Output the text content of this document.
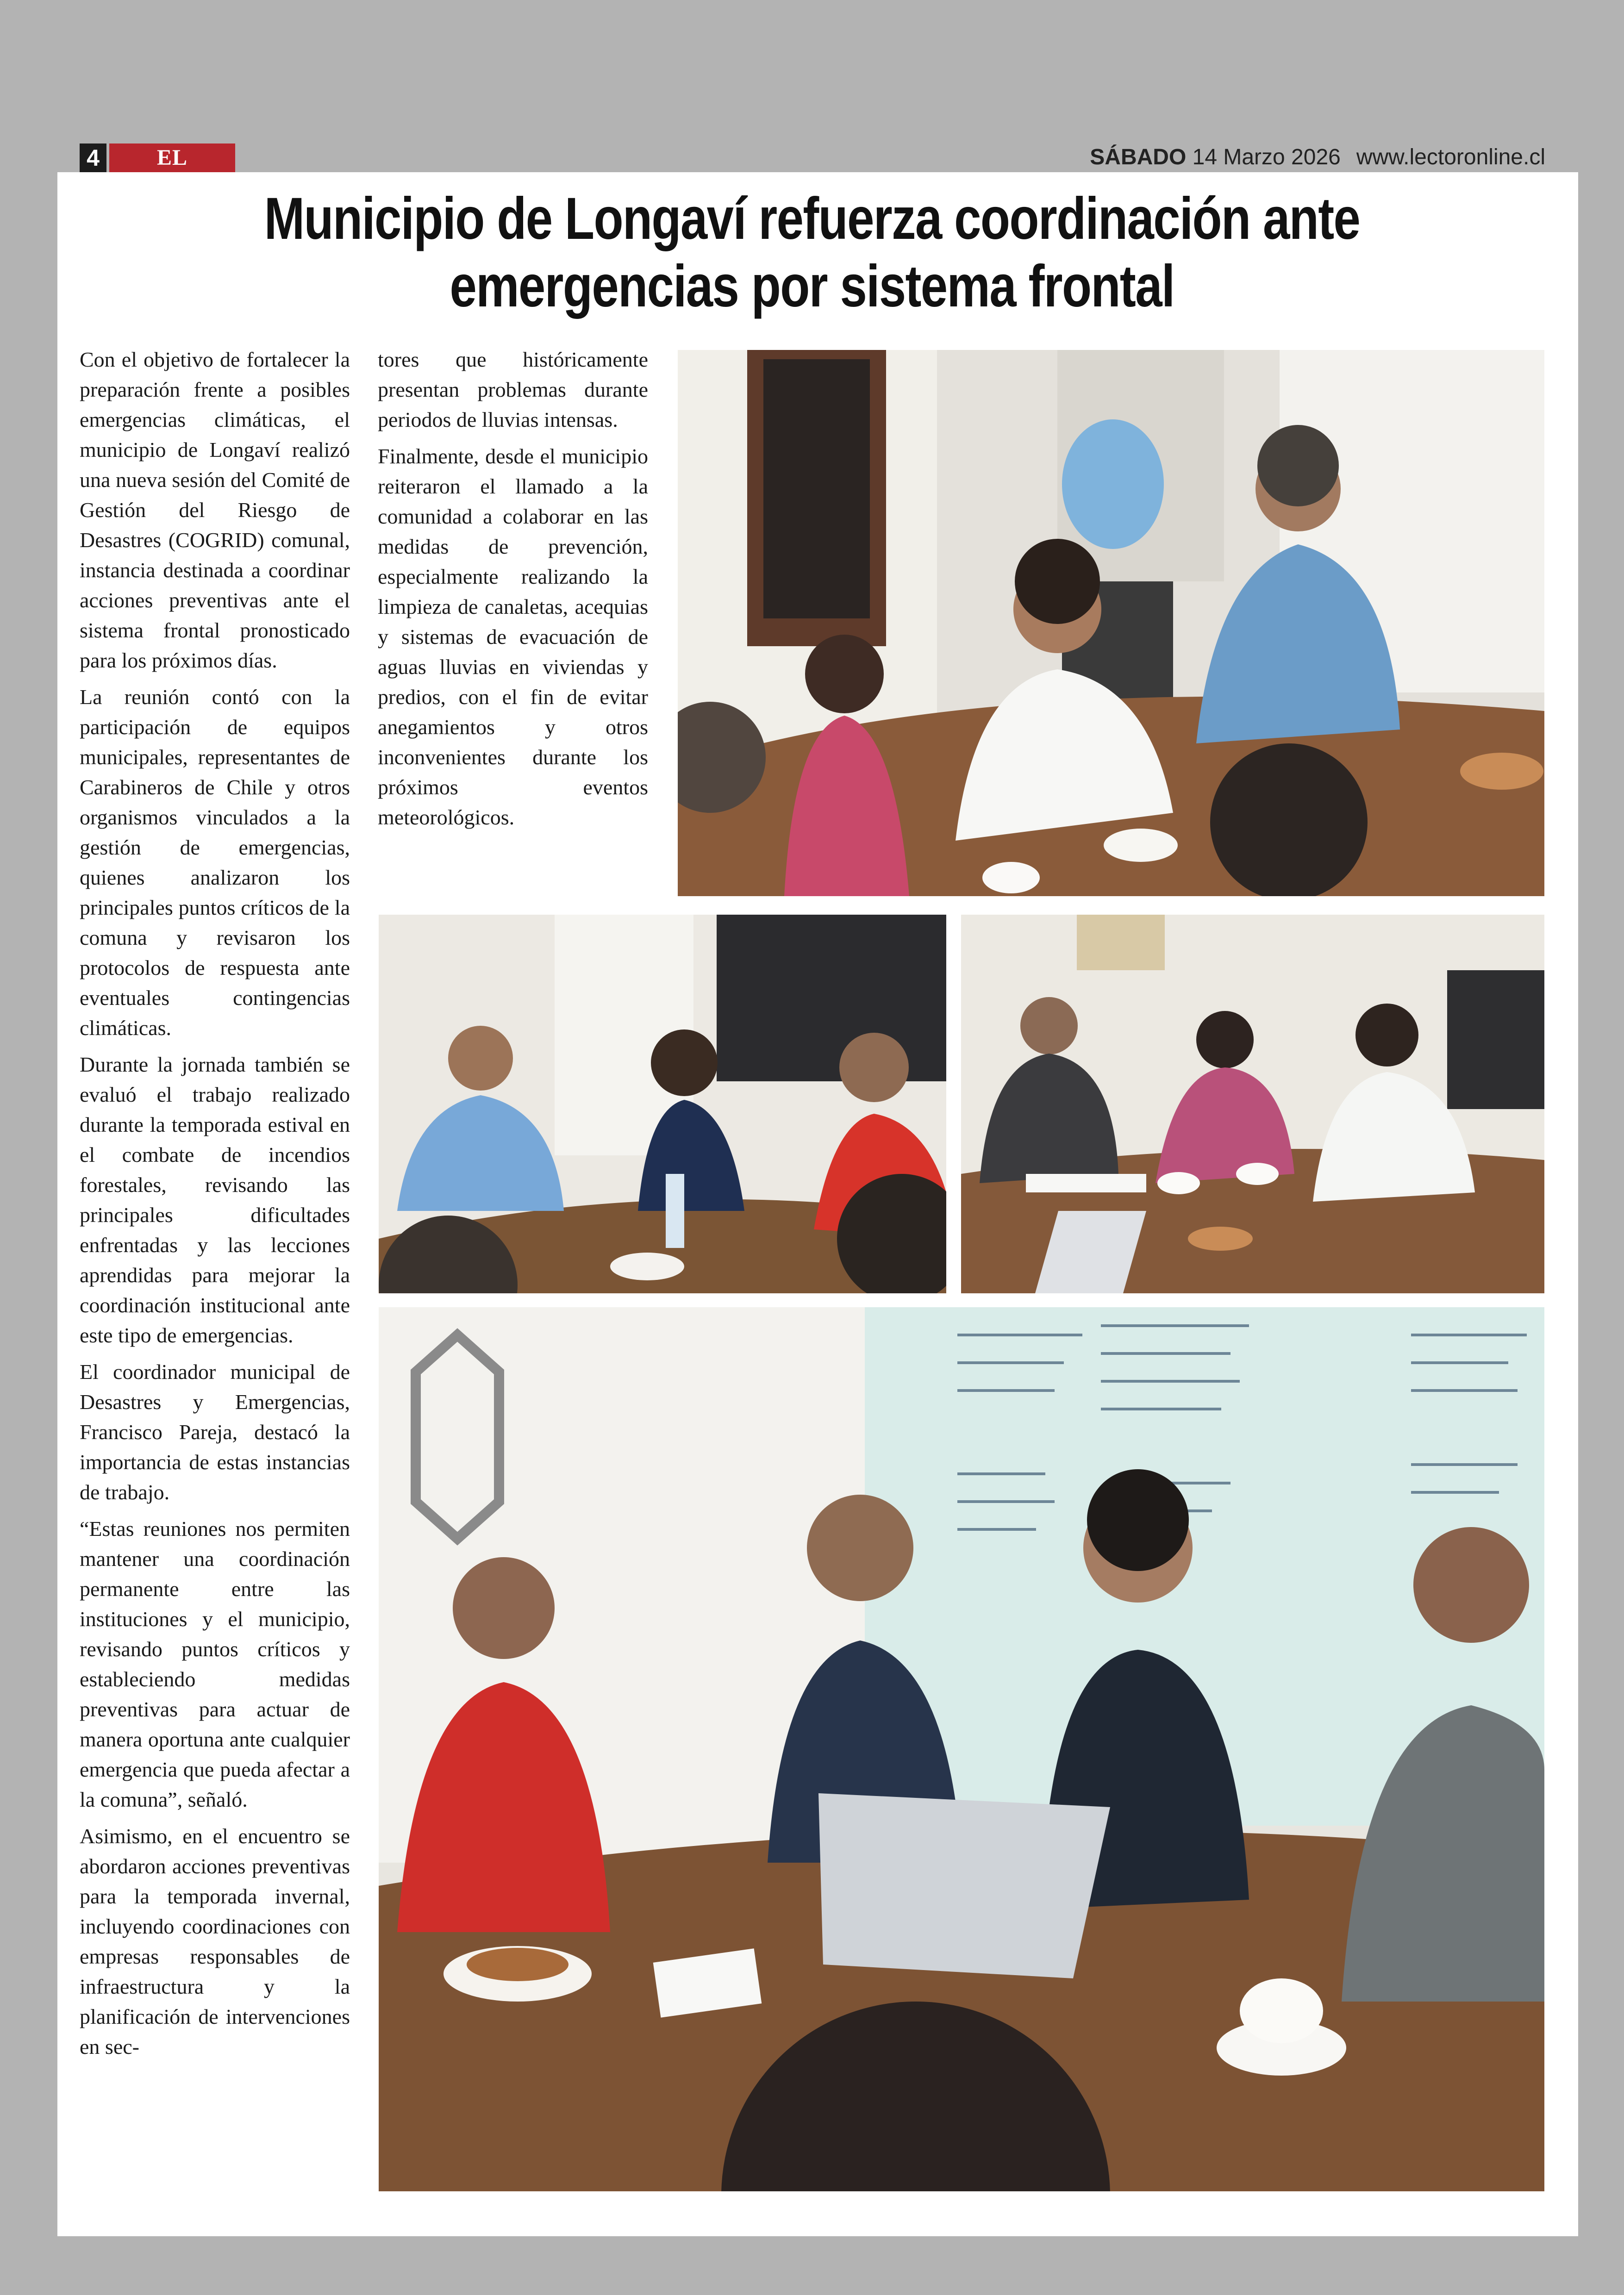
4	EL	SÁBADO 14 Marzo 2026 www.lectoronline.cl
Municipio de Longaví refuerza coordinación ante
emergencias por sistema frontal

Con el objetivo de fortalecer la preparación frente a posibles emergencias climáticas, el municipio de Longaví realizó una nueva sesión del Comité de Gestión del Riesgo de Desastres (COGRID) comunal, instancia destinada a coordinar acciones preventivas ante el sistema frontal pronosticado para los próximos días.

La reunión contó con la participación de equipos municipales, representantes de Carabineros de Chile y otros organismos vinculados a la gestión de emergencias, quienes analizaron los principales puntos críticos de la comuna y revisaron los protocolos de respuesta ante eventuales contingencias climáticas.

Durante la jornada también se evaluó el trabajo realizado durante la temporada estival en el combate de incendios forestales, revisando las principales dificultades enfrentadas y las lecciones aprendidas para mejorar la coordinación institucional ante este tipo de emergencias.

El coordinador municipal de Desastres y Emergencias, Francisco Pareja, destacó la importancia de estas instancias de trabajo.

“Estas reuniones nos permiten mantener una coordinación permanente entre las instituciones y el municipio, revisando puntos críticos y estableciendo medidas preventivas para actuar de manera oportuna ante cualquier emergencia que pueda afectar a la comuna”, señaló.

Asimismo, en el encuentro se abordaron acciones preventivas para la temporada invernal, incluyendo coordinaciones con empresas responsables de infraestructura y la planificación de intervenciones en sec-

tores que históricamente presentan problemas durante periodos de lluvias intensas.

Finalmente, desde el municipio reiteraron el llamado a la comunidad a colaborar en las medidas de prevención, especialmente realizando la limpieza de canaletas, acequias y sistemas de evacuación de aguas lluvias en viviendas y predios, con el fin de evitar anegamientos y otros inconvenientes durante los próximos eventos meteorológicos.
